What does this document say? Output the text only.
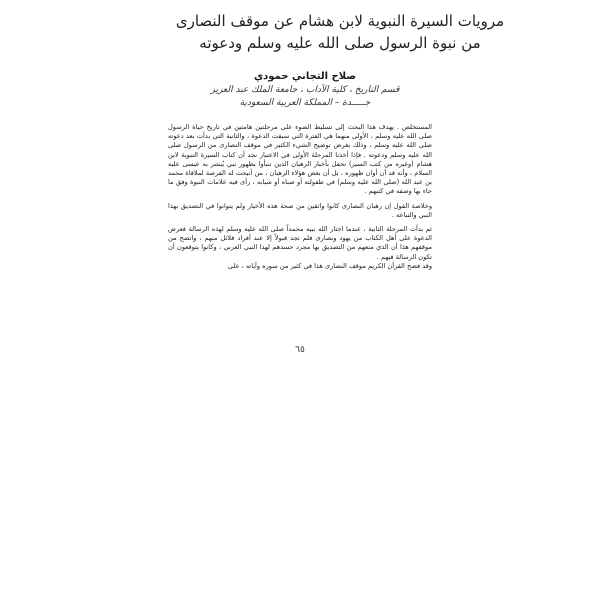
مرويات السيرة النبوية لابن هشام عن موقف النصارى
من نبوة الرسول صلى الله عليه وسلم ودعوته
صلاح التجاني حمودي
قسم التاريخ ، كلية الآداب ، جامعة الملك عبد العزيز
جـــــدة – المملكة العربية السعودية

المستخلص . يهدف هذا البحث إلى تسليط الضوء على مرحلتين هامتين في تاريخ حياة الرسول صلى الله عليه وسلم ، الأولى منهما هي الفترة التي سبقت الدعوة ، والثانية التي بدأت بعد دعوته صلى الله عليه وسلم ، وذلك بغرض توضيح الشيء الكثير في موقف النصارى من الرسول صلى الله عليه وسلم ودعوته . فإذا أخذنا المرحلة الأولى في الاعتبار نجد أن كتاب السيرة النبوية لابن هشام (وغيره من كتب السير) تحفل بأخبار الرهبان الذين تنبأوا بظهور نبي يُبشر به عيسى عليه السلام ، وأنه قد آن أوان ظهوره ، بل أن بعض هؤلاء الرهبان ، من أتيحت له الفرصة لملاقاة محمد بن عبد الله (صلى الله عليه وسلم) في طفولته أو صباه أو شبابه ، رأى فيه علامات النبوة وفق ما جاء بها وصفه في كتبهم .

وخلاصة القول إن رهبان النصارى كانوا واثقين من صحة هذه الأخبار ولم يتوانوا في التصديق بهذا النبي والتباعه .

ثم بدأت المرحلة الثانية ، عندما اختار الله نبيه محمداً صلى الله عليه وسلم لهذه الرسالة فعرض الدعوة على أهل الكتاب من يهود ونصارى فلم تجد قبولاً إلا عند أفراد قلائل منهم ، واتضح من موقفهم هذا أن الذي منعهم من التصديق بها مجرد حسدهم لهذا النبي العربي ، وكانوا يتوقعون أن تكون الرسالة فيهم .

وقد فضح القرآن الكريم موقف النصارى هذا في كثير من سوره وآياته ، على

٦٥
